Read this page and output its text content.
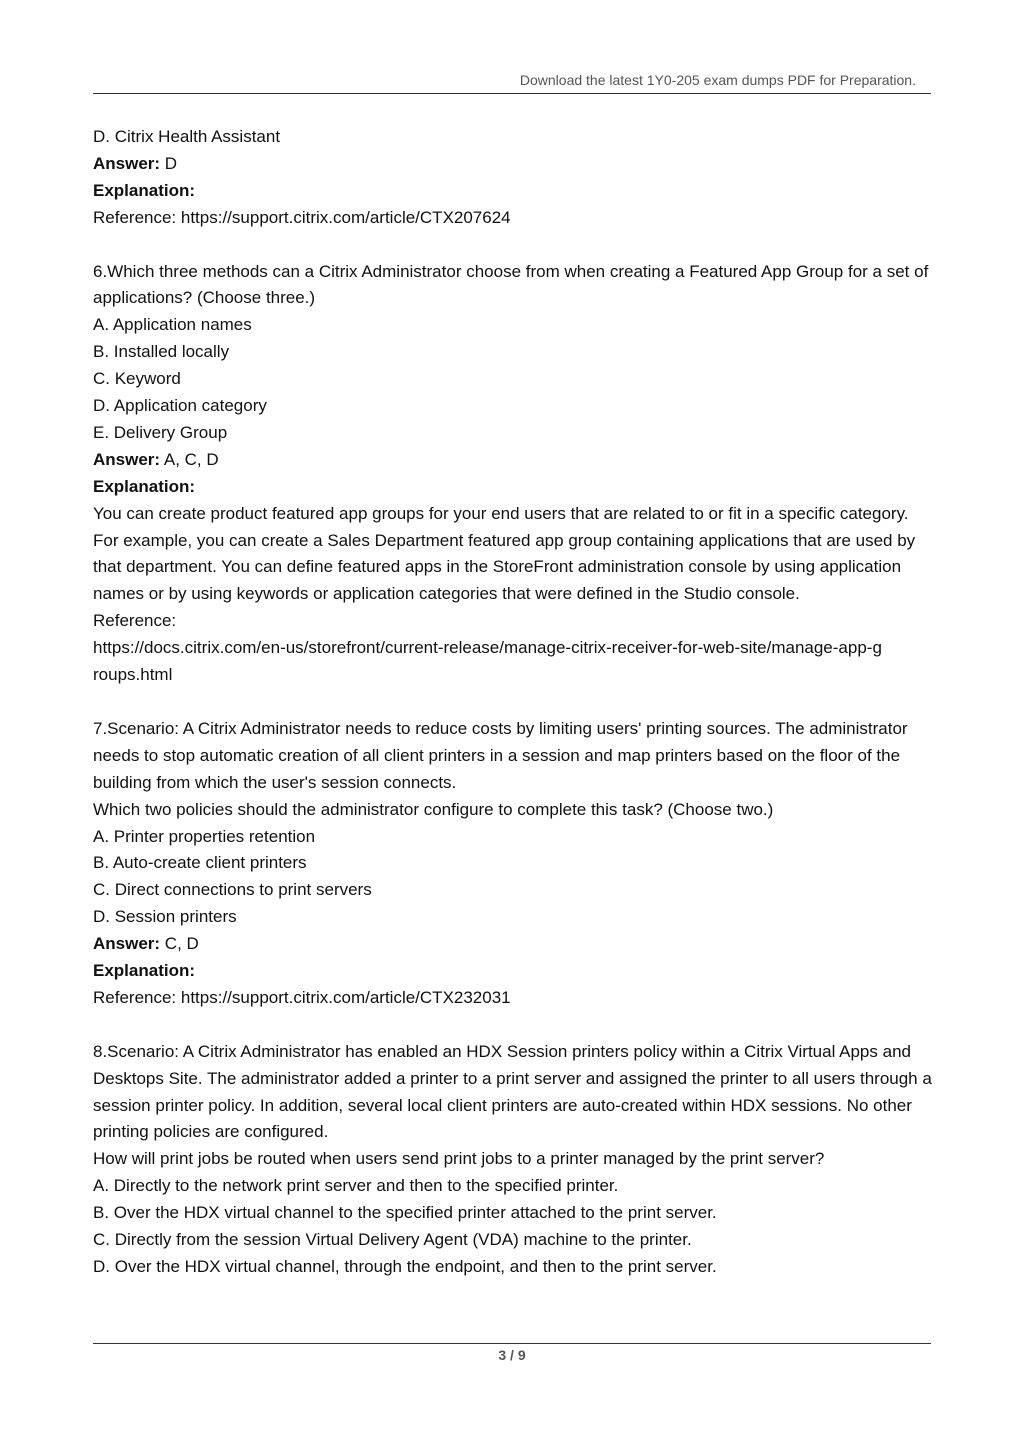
Download the latest 1Y0-205 exam dumps PDF for Preparation.

D. Citrix Health Assistant

Answer: D

Explanation:

Reference: https://support.citrix.com/article/CTX207624

6.Which three methods can a Citrix Administrator choose from when creating a Featured App Group for a set of applications? (Choose three.)

A. Application names

B. Installed locally

C. Keyword

D. Application category

E. Delivery Group

Answer: A, C, D

Explanation:

You can create product featured app groups for your end users that are related to or fit in a specific category. For example, you can create a Sales Department featured app group containing applications that are used by that department. You can define featured apps in the StoreFront administration console by using application names or by using keywords or application categories that were defined in the Studio console.

Reference:

https://docs.citrix.com/en-us/storefront/current-release/manage-citrix-receiver-for-web-site/manage-app-g

roups.html

7.Scenario: A Citrix Administrator needs to reduce costs by limiting users' printing sources. The administrator needs to stop automatic creation of all client printers in a session and map printers based on the floor of the building from which the user's session connects.

Which two policies should the administrator configure to complete this task? (Choose two.)

A. Printer properties retention

B. Auto-create client printers

C. Direct connections to print servers

D. Session printers

Answer: C, D

Explanation:

Reference: https://support.citrix.com/article/CTX232031

8.Scenario: A Citrix Administrator has enabled an HDX Session printers policy within a Citrix Virtual Apps and Desktops Site. The administrator added a printer to a print server and assigned the printer to all users through a session printer policy. In addition, several local client printers are auto-created within HDX sessions. No other printing policies are configured.

How will print jobs be routed when users send print jobs to a printer managed by the print server?

A. Directly to the network print server and then to the specified printer.

B. Over the HDX virtual channel to the specified printer attached to the print server.

C. Directly from the session Virtual Delivery Agent (VDA) machine to the printer.

D. Over the HDX virtual channel, through the endpoint, and then to the print server.

3 / 9
